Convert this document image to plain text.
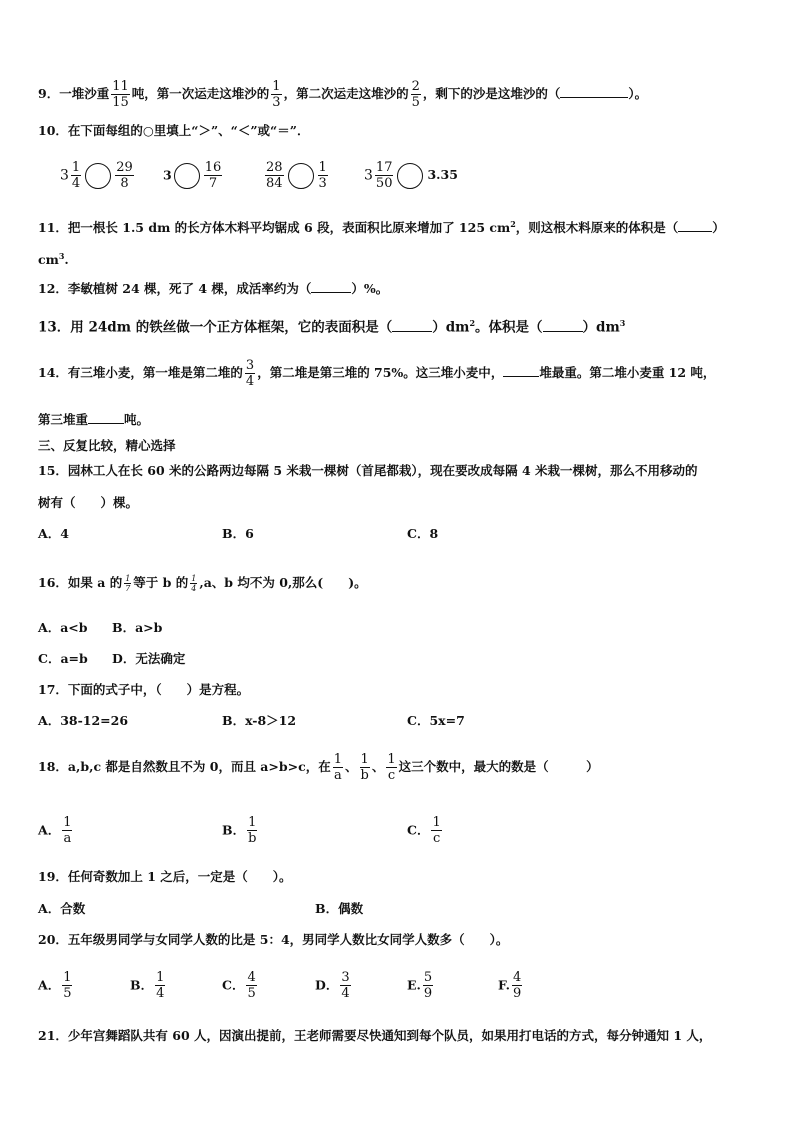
9．一堆沙重 $\frac{11}{15}$ 吨，第一次运走这堆沙的 $\frac{1}{3}$ ，第二次运走这堆沙的 $\frac{2}{5}$ ，剩下的沙是这堆沙的（	）。
10．在下面每组的○里填上“＞”、“＜”或“＝”．
$3 \frac{1}{4}$	$\frac{29}{8} 3 \frac{16}{7}$	$\frac{28}{84}$	$\frac{1}{3}$	$3 \frac{17}{50}$	3.35
11．把一根长 1.5 dm 的长方体木料平均锯成 6 段，表面积比原来增加了 125 $cm^2$，则这根木料原来的体积是（	）
$cm^3$.
12．李敏植树 24 棵，死了 4 棵，成活率约为（	）%。
13．用 24dm 的铁丝做一个正方体框架，它的表面积是（	）$dm^2$。体积是（	）$dm^3$
14．有三堆小麦，第一堆是第二堆的 $\frac{3}{4}$ ，第二堆是第三堆的 75%。这三堆小麦中，	堆最重。第二堆小麦重 12 吨，
第三堆重	吨。
三、反复比较，精心选择
15．园林工人在长 60 米的公路两边每隔 5 米栽一棵树（首尾都栽），现在要改成每隔 4 米栽一棵树，那么不用移动的
树有（　　）棵。
A．4	B．6	C．8
16．如果 a 的 $\frac{1}{7}$ 等于 b 的 $\frac{1}{4} ,a$、b 均不为 0,那么(　　)。
A．a<b B．a>b
C．a=b D．无法确定
17．下面的式子中，（　　）是方程。
A．38-12=26	B．x-8＞12	C．5x=7
18．a,b,c 都是自然数且不为 0，而且 a>b>c，在 $\frac{1}{a}$ 、 $\frac{1}{b}$ 、 $\frac{1}{c}$ 这三个数中，最大的数是（　　　）
A． $\frac{1}{a}$	B． $\frac{1}{b}$	C． $\frac{1}{c}$
19．任何奇数加上 1 之后，一定是（　　）。
A．合数	B．偶数
20．五年级男同学与女同学人数的比是 5：4，男同学人数比女同学人数多（　　）。
A． $\frac{1}{5}$	B． $\frac{1}{4}$	C． $\frac{4}{5}$	D． $\frac{3}{4}$	E. $\frac{5}{9}$	F. $\frac{4}{9}$
21．少年宫舞蹈队共有 60 人，因演出提前，王老师需要尽快通知到每个队员，如果用打电话的方式，每分钟通知 1 人，
